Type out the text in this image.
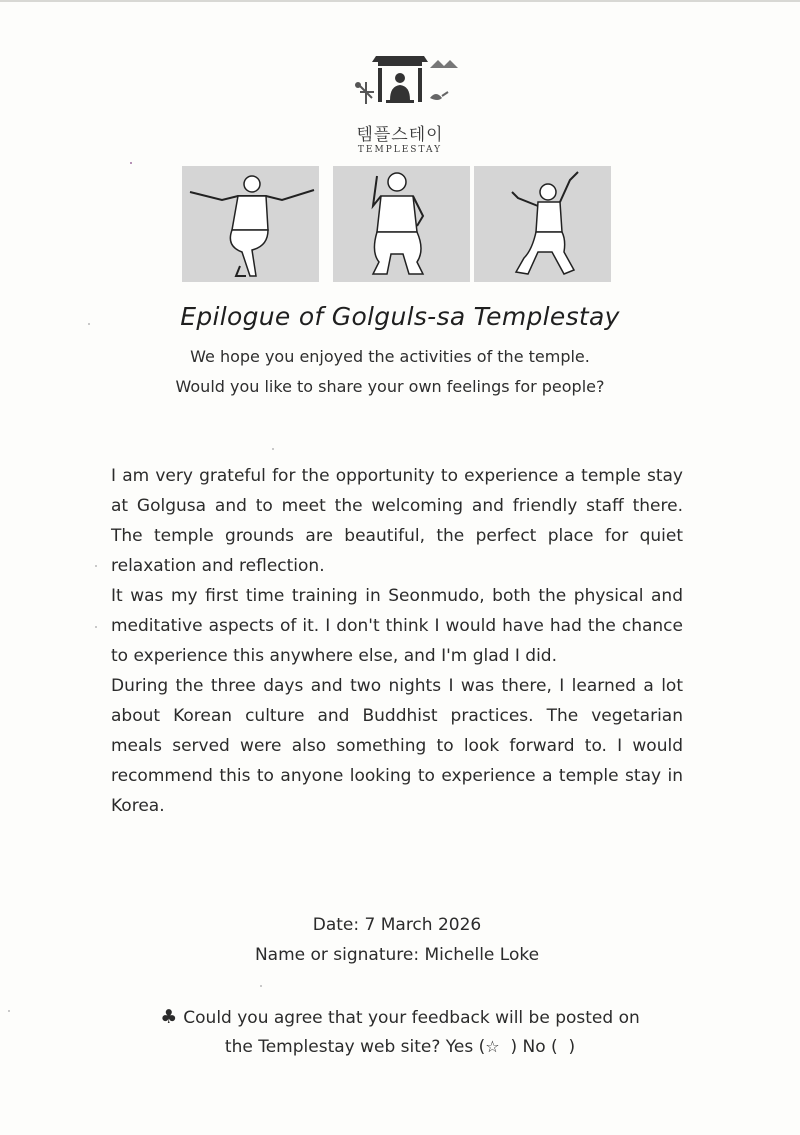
템플스테이
TEMPLESTAY
Epilogue of Golguls-sa Templestay
We hope you enjoyed the activities of the temple.
Would you like to share your own feelings for people?

I am very grateful for the opportunity to experience a temple stay at Golgusa and to meet the welcoming and friendly staff there. The temple grounds are beautiful, the perfect place for quiet relaxation and reflection.

It was my first time training in Seonmudo, both the physical and meditative aspects of it. I don't think I would have had the chance to experience this anywhere else, and I'm glad I did.

During the three days and two nights I was there, I learned a lot about Korean culture and Buddhist practices. The vegetarian meals served were also something to look forward to. I would recommend this to anyone looking to experience a temple stay in Korea.

Date: 7 March 2026
Name or signature: Michelle Loke
♣ Could you agree that your feedback will be posted on
the Templestay web site? Yes (☆  ) No (  )
